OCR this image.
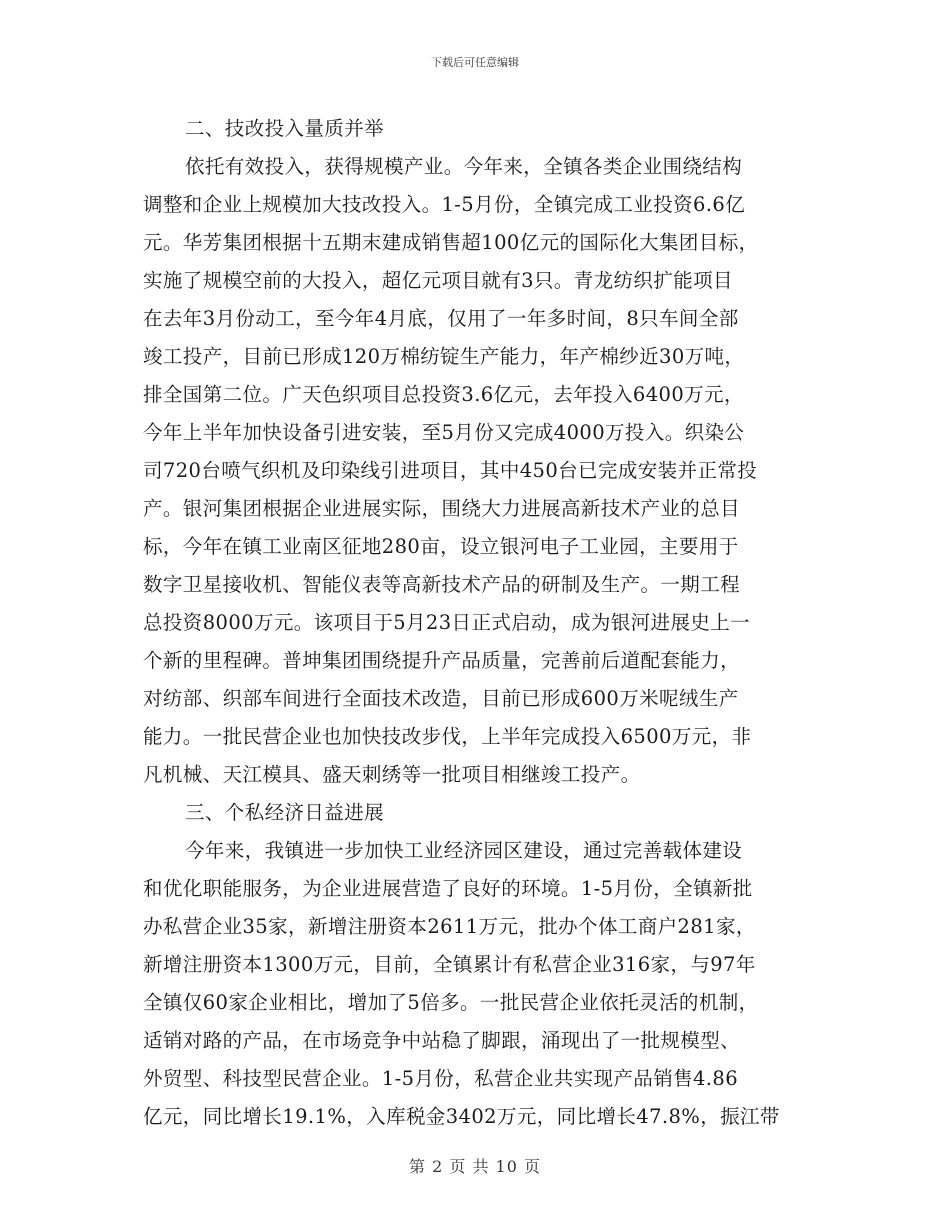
下载后可任意编辑
二、技改投入量质并举
依托有效投入，获得规模产业。今年来，全镇各类企业围绕结构
调整和企业上规模加大技改投入。1-5月份，全镇完成工业投资6.6亿
元。华芳集团根据十五期末建成销售超100亿元的国际化大集团目标，
实施了规模空前的大投入，超亿元项目就有3只。青龙纺织扩能项目
在去年3月份动工，至今年4月底，仅用了一年多时间，8只车间全部
竣工投产，目前已形成120万棉纺锭生产能力，年产棉纱近30万吨，
排全国第二位。广天色织项目总投资3.6亿元，去年投入6400万元，
今年上半年加快设备引进安装，至5月份又完成4000万投入。织染公
司720台喷气织机及印染线引进项目，其中450台已完成安装并正常投
产。银河集团根据企业进展实际，围绕大力进展高新技术产业的总目
标，今年在镇工业南区征地280亩，设立银河电子工业园，主要用于
数字卫星接收机、智能仪表等高新技术产品的研制及生产。一期工程
总投资8000万元。该项目于5月23日正式启动，成为银河进展史上一
个新的里程碑。普坤集团围绕提升产品质量，完善前后道配套能力，
对纺部、织部车间进行全面技术改造，目前已形成600万米呢绒生产
能力。一批民营企业也加快技改步伐，上半年完成投入6500万元，非
凡机械、天江模具、盛天刺绣等一批项目相继竣工投产。
三、个私经济日益进展
今年来，我镇进一步加快工业经济园区建设，通过完善载体建设
和优化职能服务，为企业进展营造了良好的环境。1-5月份，全镇新批
办私营企业35家，新增注册资本2611万元，批办个体工商户281家，
新增注册资本1300万元，目前，全镇累计有私营企业316家，与97年
全镇仅60家企业相比，增加了5倍多。一批民营企业依托灵活的机制，
适销对路的产品，在市场竞争中站稳了脚跟，涌现出了一批规模型、
外贸型、科技型民营企业。1-5月份，私营企业共实现产品销售4.86
亿元，同比增长19.1%，入库税金3402万元，同比增长47.8%，振江带
第 2 页 共 10 页
